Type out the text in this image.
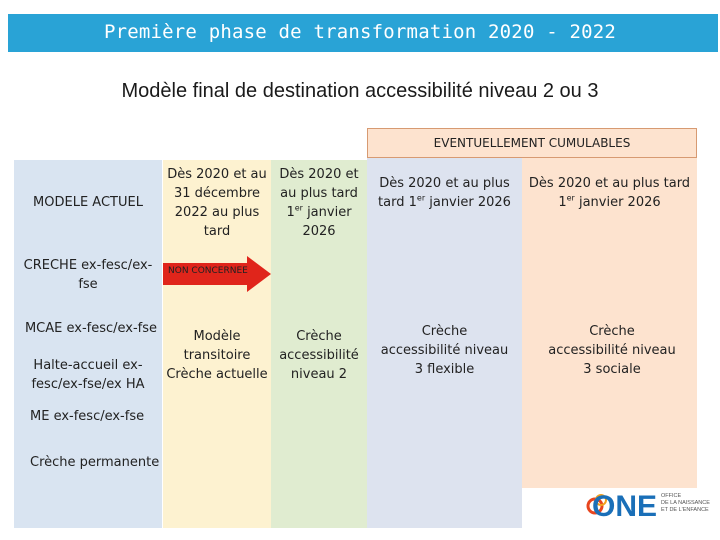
Première phase de transformation 2020 - 2022
Modèle final de destination accessibilité niveau 2 ou 3
EVENTUELLEMENT CUMULABLES
MODELE ACTUEL
CRECHE ex-fesc/ex-fse
MCAE ex-fesc/ex-fse
Halte-accueil ex-fesc/ex-fse/ex HA
ME ex-fesc/ex-fse
Crèche permanente
Dès 2020 et au
31 décembre
2022 au plus
tard
NON CONCERNEE
Modèle
transitoire
Crèche actuelle
Dès 2020 et
au plus tard
1er janvier
2026
Crèche
accessibilité
niveau 2
Dès 2020 et au plus
tard 1er janvier 2026
Crèche
accessibilité niveau
3 flexible
Dès 2020 et au plus tard
1er janvier 2026
Crèche
accessibilité niveau
3 sociale
ONE OFFICE
DE LA NAISSANCE
ET DE L'ENFANCE
